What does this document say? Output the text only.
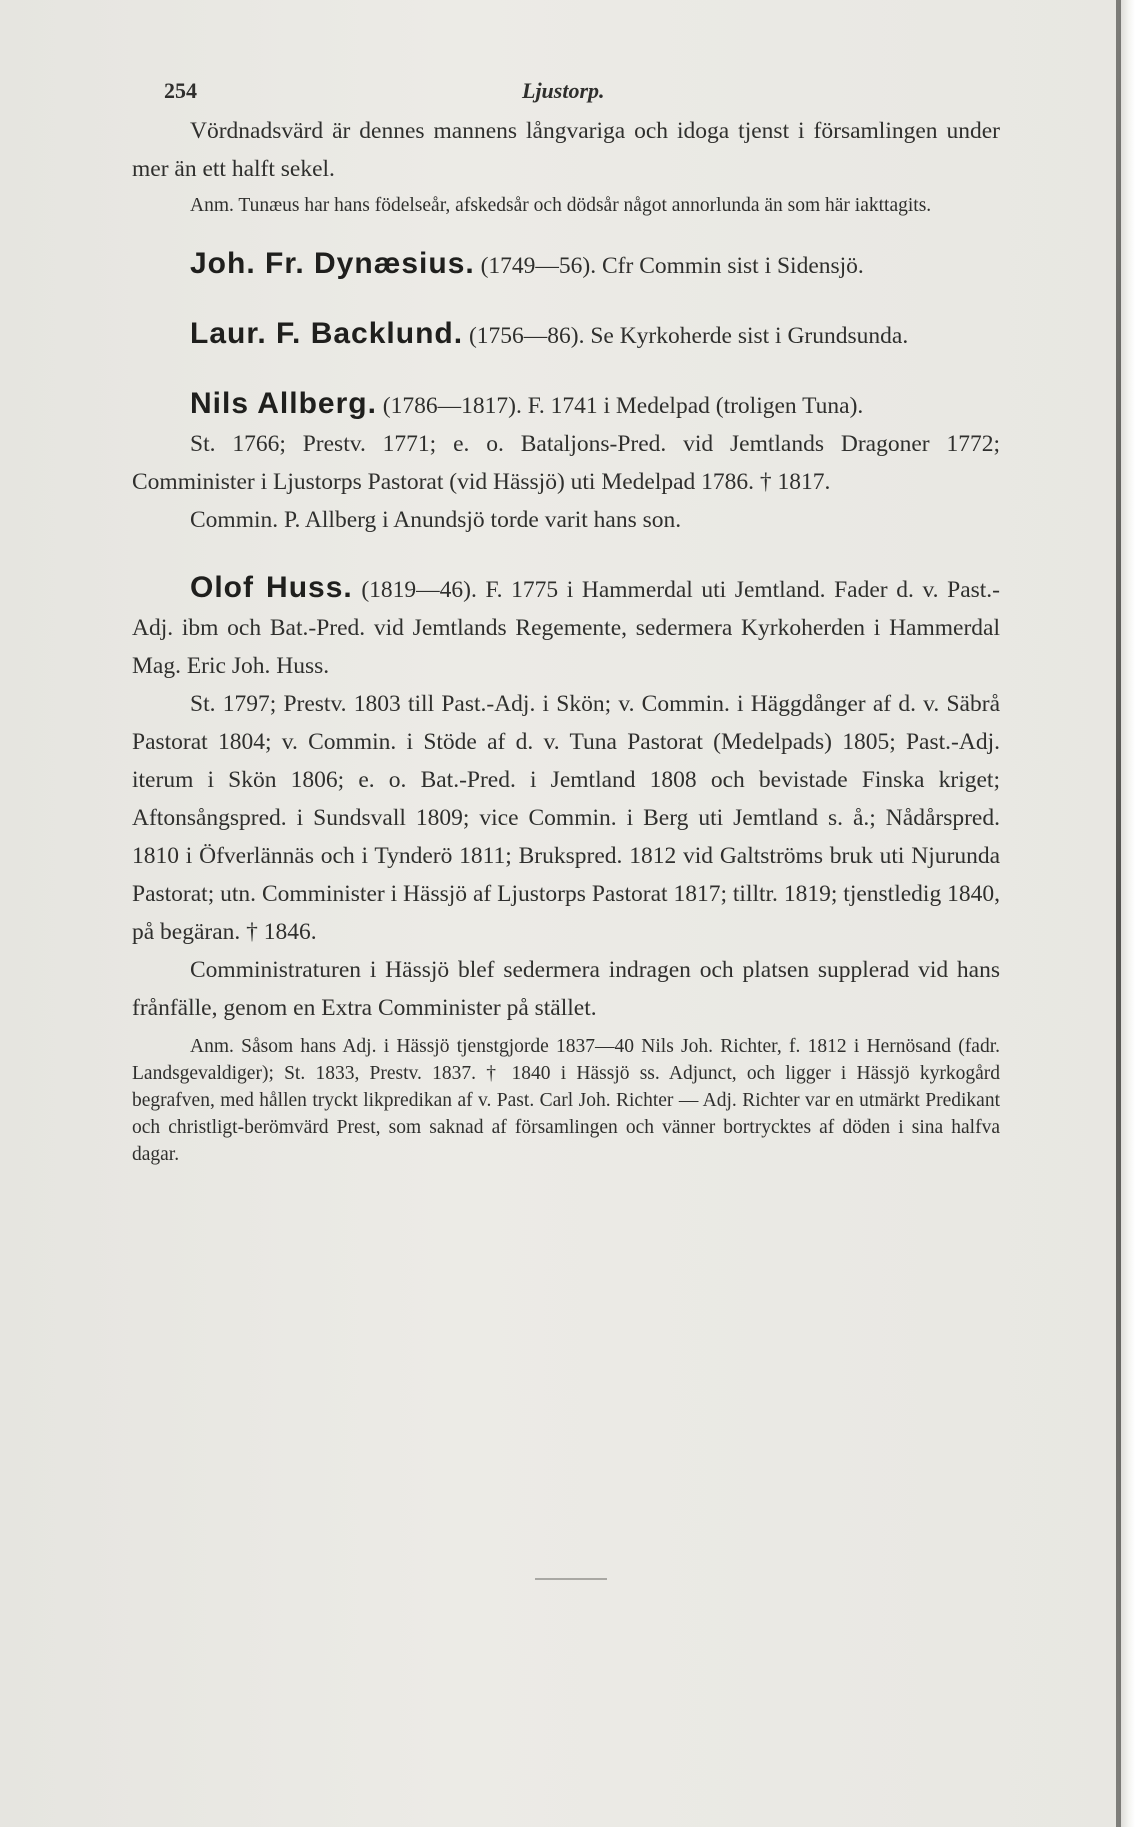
254	Ljustorp.

Vördnadsvärd är dennes mannens långvariga och idoga tjenst i församlingen under mer än ett halft sekel.

Anm. Tunæus har hans födelseår, afskedsår och dödsår något annorlunda än som här iakttagits.

Joh. Fr. Dynæsius. (1749—56). Cfr Commin sist i Sidensjö.

Laur. F. Backlund. (1756—86). Se Kyrkoherde sist i Grundsunda.

Nils Allberg. (1786—1817). F. 1741 i Medelpad (troligen Tuna).

St. 1766; Prestv. 1771; e. o. Bataljons-Pred. vid Jemtlands Dragoner 1772; Comminister i Ljustorps Pastorat (vid Hässjö) uti Medelpad 1786. † 1817.

Commin. P. Allberg i Anundsjö torde varit hans son.

Olof Huss. (1819—46). F. 1775 i Hammerdal uti Jemtland. Fader d. v. Past.-Adj. ibm och Bat.-Pred. vid Jemtlands Regemente, sedermera Kyrkoherden i Hammerdal Mag. Eric Joh. Huss.

St. 1797; Prestv. 1803 till Past.-Adj. i Skön; v. Commin. i Häggdånger af d. v. Säbrå Pastorat 1804; v. Commin. i Stöde af d. v. Tuna Pastorat (Medelpads) 1805; Past.-Adj. iterum i Skön 1806; e. o. Bat.-Pred. i Jemtland 1808 och bevistade Finska kriget; Aftonsångspred. i Sundsvall 1809; vice Commin. i Berg uti Jemtland s. å.; Nådårspred. 1810 i Öfverlännäs och i Tynderö 1811; Brukspred. 1812 vid Galtströms bruk uti Njurunda Pastorat; utn. Comminister i Hässjö af Ljustorps Pastorat 1817; tilltr. 1819; tjenstledig 1840, på begäran. † 1846.

Comministraturen i Hässjö blef sedermera indragen och platsen supplerad vid hans frånfälle, genom en Extra Comminister på stället.

Anm. Såsom hans Adj. i Hässjö tjenstgjorde 1837—40 Nils Joh. Richter, f. 1812 i Hernösand (fadr. Landsgevaldiger); St. 1833, Prestv. 1837. † 1840 i Hässjö ss. Adjunct, och ligger i Hässjö kyrkogård begrafven, med hållen tryckt likpredikan af v. Past. Carl Joh. Richter — Adj. Richter var en utmärkt Predikant och christligt-berömvärd Prest, som saknad af församlingen och vänner bortrycktes af döden i sina halfva dagar.
